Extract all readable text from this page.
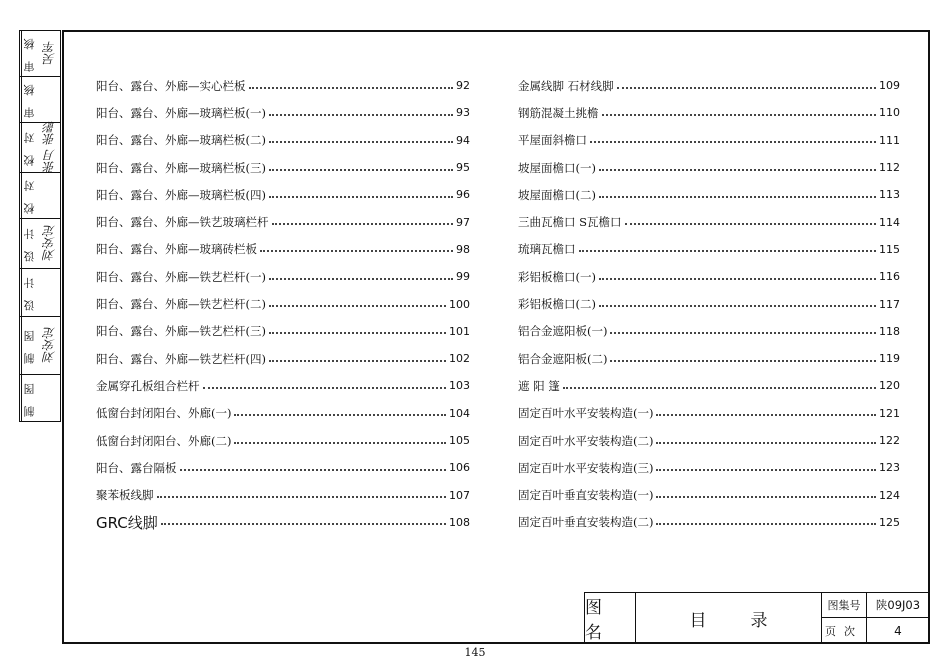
审 核 吴军
审 核
校 对 张月 张影
校 对
设 计 刘安定
设 计
制 图 刘安定
制 图
阳台、露台、外廊—实心栏板	92
阳台、露台、外廊—玻璃栏板(一)	93
阳台、露台、外廊—玻璃栏板(二)	94
阳台、露台、外廊—玻璃栏板(三)	95
阳台、露台、外廊—玻璃栏板(四)	96
阳台、露台、外廊—铁艺玻璃栏杆	97
阳台、露台、外廊—玻璃砖栏板	98
阳台、露台、外廊—铁艺栏杆(一)	99
阳台、露台、外廊—铁艺栏杆(二)	100
阳台、露台、外廊—铁艺栏杆(三)	101
阳台、露台、外廊—铁艺栏杆(四)	102
金属穿孔板组合栏杆	103
低窗台封闭阳台、外廊(一)	104
低窗台封闭阳台、外廊(二)	105
阳台、露台隔板	106
聚苯板线脚	107
GRC线脚	108
金属线脚 石材线脚	109
钢筋混凝土挑檐	110
平屋面斜檐口	111
坡屋面檐口(一)	112
坡屋面檐口(二)	113
三曲瓦檐口 S瓦檐口	114
琉璃瓦檐口	115
彩铝板檐口(一)	116
彩铝板檐口(二)	117
铝合金遮阳板(一)	118
铝合金遮阳板(二)	119
遮 阳 篷	120
固定百叶水平安装构造(一)	121
固定百叶水平安装构造(二)	122
固定百叶水平安装构造(三)	123
固定百叶垂直安装构造(一)	124
固定百叶垂直安装构造(二)	125
图名
目录
图集号	陕09J03
页次	4
145
